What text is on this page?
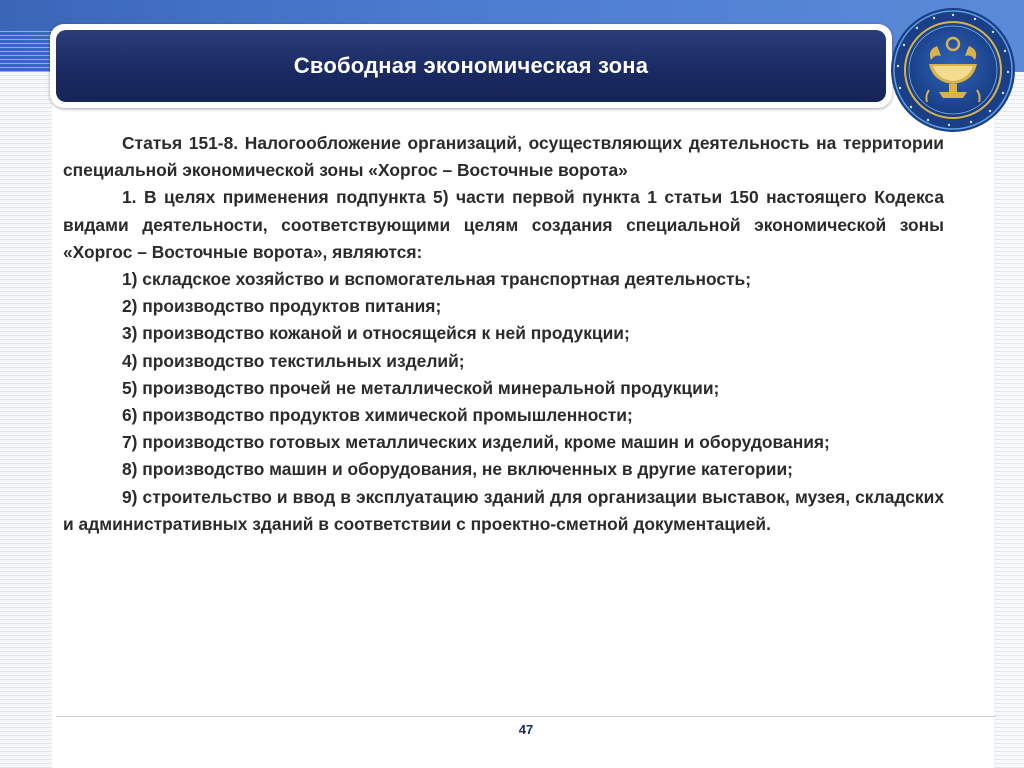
Свободная экономическая зона

Статья 151-8. Налогообложение организаций, осуществляющих деятельность на территории специальной экономической зоны «Хоргос – Восточные ворота»

1. В целях применения подпункта 5) части первой пункта 1 статьи 150 настоящего Кодекса видами деятельности, соответствующими целям создания специальной экономической зоны «Хоргос – Восточные ворота», являются:

1) складское хозяйство и вспомогательная транспортная деятельность;

2) производство продуктов питания;

3) производство кожаной и относящейся к ней продукции;

4) производство текстильных изделий;

5) производство прочей не металлической минеральной продукции;

6) производство продуктов химической промышленности;

7) производство готовых металлических изделий, кроме машин и оборудования;

8) производство машин и оборудования, не включенных в другие категории;

9) строительство и ввод в эксплуатацию зданий для организации выставок, музея, складских и административных зданий в соответствии с проектно-сметной документацией.

47
